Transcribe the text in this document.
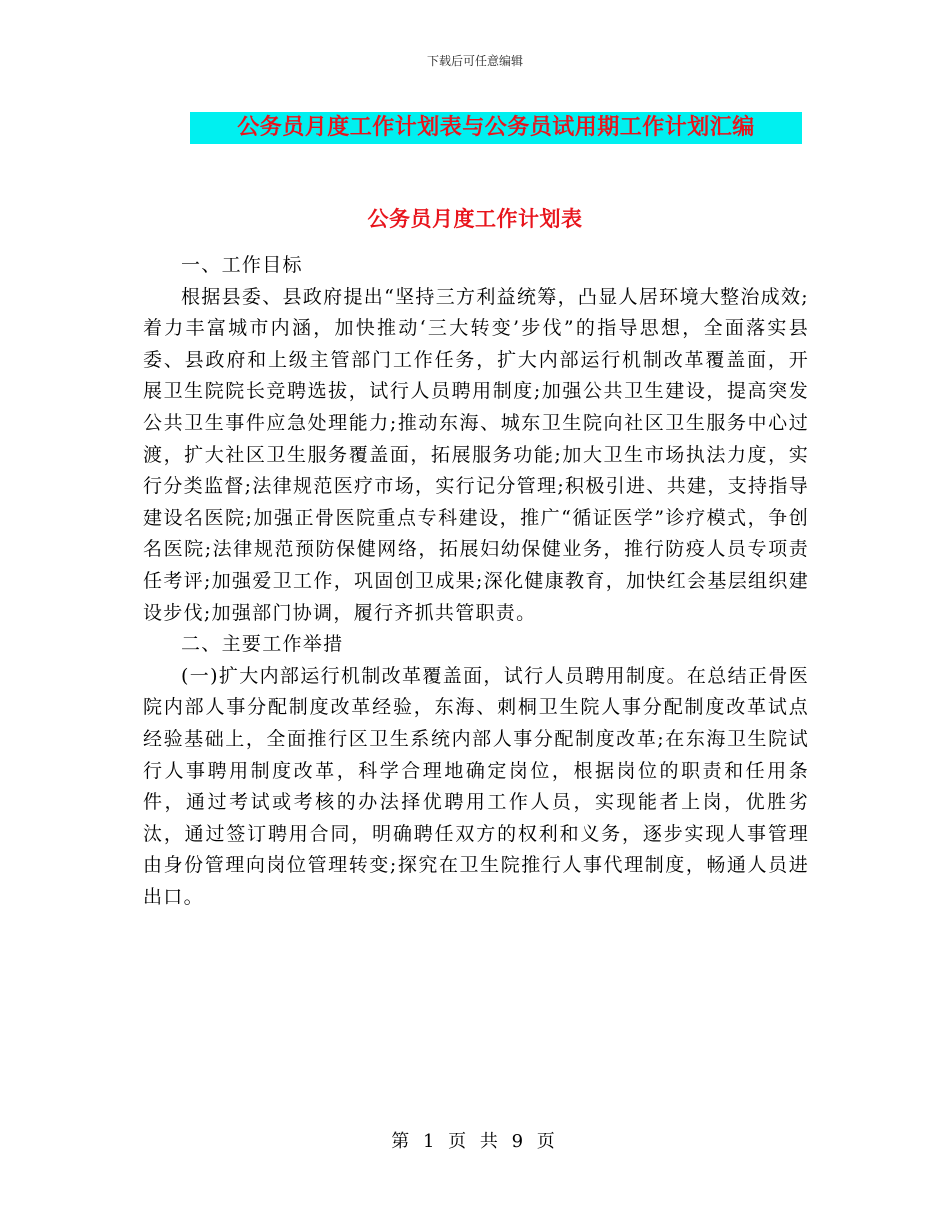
下载后可任意编辑
公务员月度工作计划表与公务员试用期工作计划汇编
公务员月度工作计划表

一、工作目标

根据县委、县政府提出“坚持三方利益统筹，凸显人居环境大整治成效;着力丰富城市内涵，加快推动‘三大转变’步伐”的指导思想，全面落实县委、县政府和上级主管部门工作任务，扩大内部运行机制改革覆盖面，开展卫生院院长竞聘选拔，试行人员聘用制度;加强公共卫生建设，提高突发公共卫生事件应急处理能力;推动东海、城东卫生院向社区卫生服务中心过渡，扩大社区卫生服务覆盖面，拓展服务功能;加大卫生市场执法力度，实行分类监督;法律规范医疗市场，实行记分管理;积极引进、共建，支持指导建设名医院;加强正骨医院重点专科建设，推广“循证医学”诊疗模式，争创名医院;法律规范预防保健网络，拓展妇幼保健业务，推行防疫人员专项责任考评;加强爱卫工作，巩固创卫成果;深化健康教育，加快红会基层组织建设步伐;加强部门协调，履行齐抓共管职责。

二、主要工作举措

(一)扩大内部运行机制改革覆盖面，试行人员聘用制度。在总结正骨医院内部人事分配制度改革经验，东海、刺桐卫生院人事分配制度改革试点经验基础上，全面推行区卫生系统内部人事分配制度改革;在东海卫生院试行人事聘用制度改革，科学合理地确定岗位，根据岗位的职责和任用条件，通过考试或考核的办法择优聘用工作人员，实现能者上岗，优胜劣汰，通过签订聘用合同，明确聘任双方的权利和义务，逐步实现人事管理由身份管理向岗位管理转变;探究在卫生院推行人事代理制度，畅通人员进出口。

第 1 页 共 9 页
